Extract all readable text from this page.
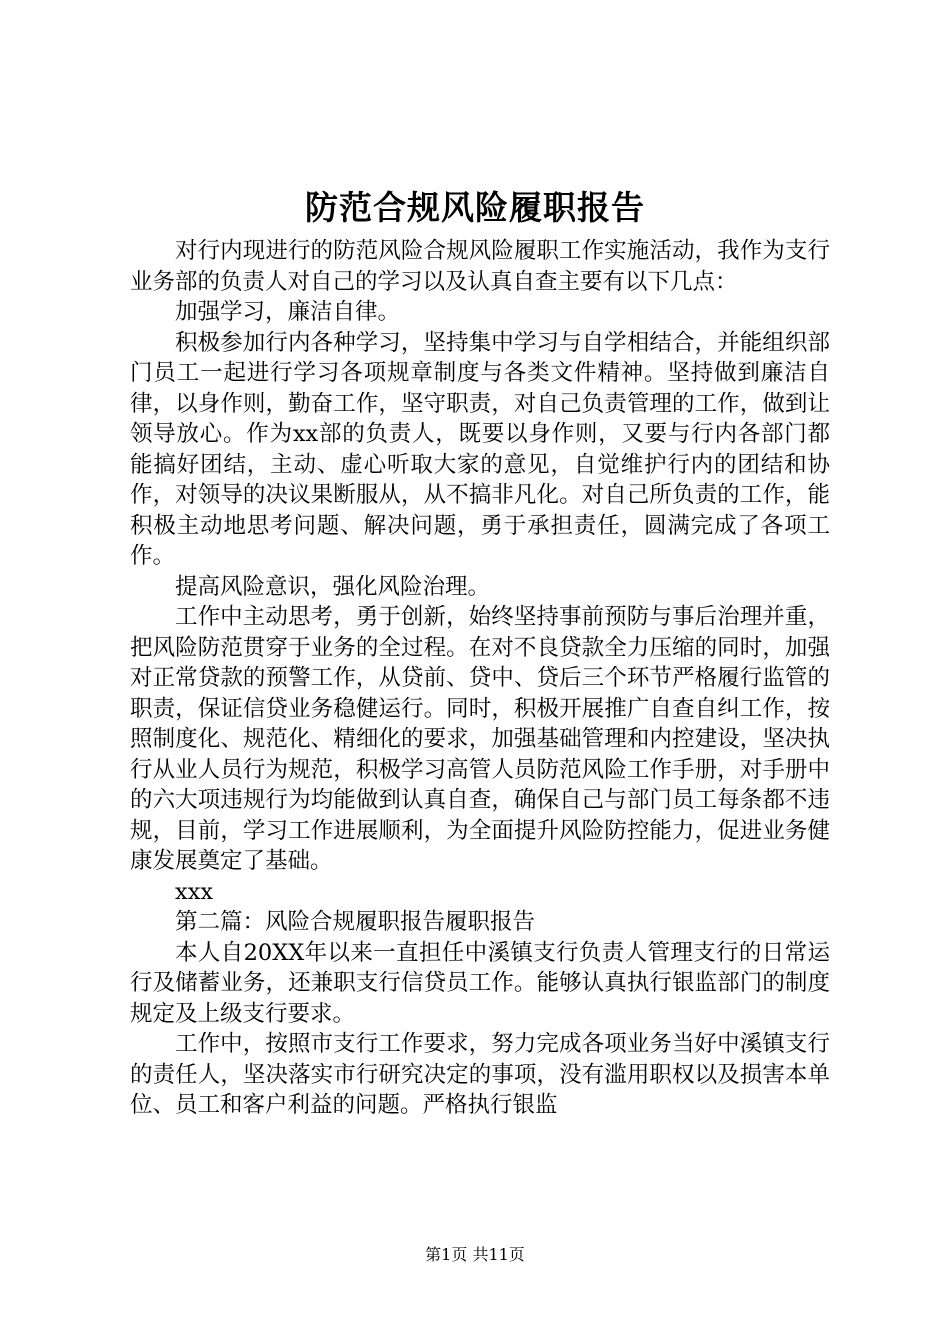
防范合规风险履职报告

对行内现进行的防范风险合规风险履职工作实施活动，我作为支行业务部的负责人对自己的学习以及认真自查主要有以下几点：

加强学习，廉洁自律。

积极参加行内各种学习，坚持集中学习与自学相结合，并能组织部门员工一起进行学习各项规章制度与各类文件精神。坚持做到廉洁自律，以身作则，勤奋工作，坚守职责，对自己负责管理的工作，做到让领导放心。作为xx部的负责人，既要以身作则，又要与行内各部门都能搞好团结，主动、虚心听取大家的意见，自觉维护行内的团结和协作，对领导的决议果断服从，从不搞非凡化。对自己所负责的工作，能积极主动地思考问题、解决问题，勇于承担责任，圆满完成了各项工作。

提高风险意识，强化风险治理。

工作中主动思考，勇于创新，始终坚持事前预防与事后治理并重，把风险防范贯穿于业务的全过程。在对不良贷款全力压缩的同时，加强对正常贷款的预警工作，从贷前、贷中、贷后三个环节严格履行监管的职责，保证信贷业务稳健运行。同时，积极开展推广自查自纠工作，按照制度化、规范化、精细化的要求，加强基础管理和内控建设，坚决执行从业人员行为规范，积极学习高管人员防范风险工作手册，对手册中的六大项违规行为均能做到认真自查，确保自己与部门员工每条都不违规，目前，学习工作进展顺利，为全面提升风险防控能力，促进业务健康发展奠定了基础。

xxx

第二篇：风险合规履职报告履职报告

本人自20XX年以来一直担任中溪镇支行负责人管理支行的日常运行及储蓄业务，还兼职支行信贷员工作。能够认真执行银监部门的制度规定及上级支行要求。

工作中，按照市支行工作要求，努力完成各项业务当好中溪镇支行的责任人，坚决落实市行研究决定的事项，没有滥用职权以及损害本单位、员工和客户利益的问题。严格执行银监

第1页 共11页
